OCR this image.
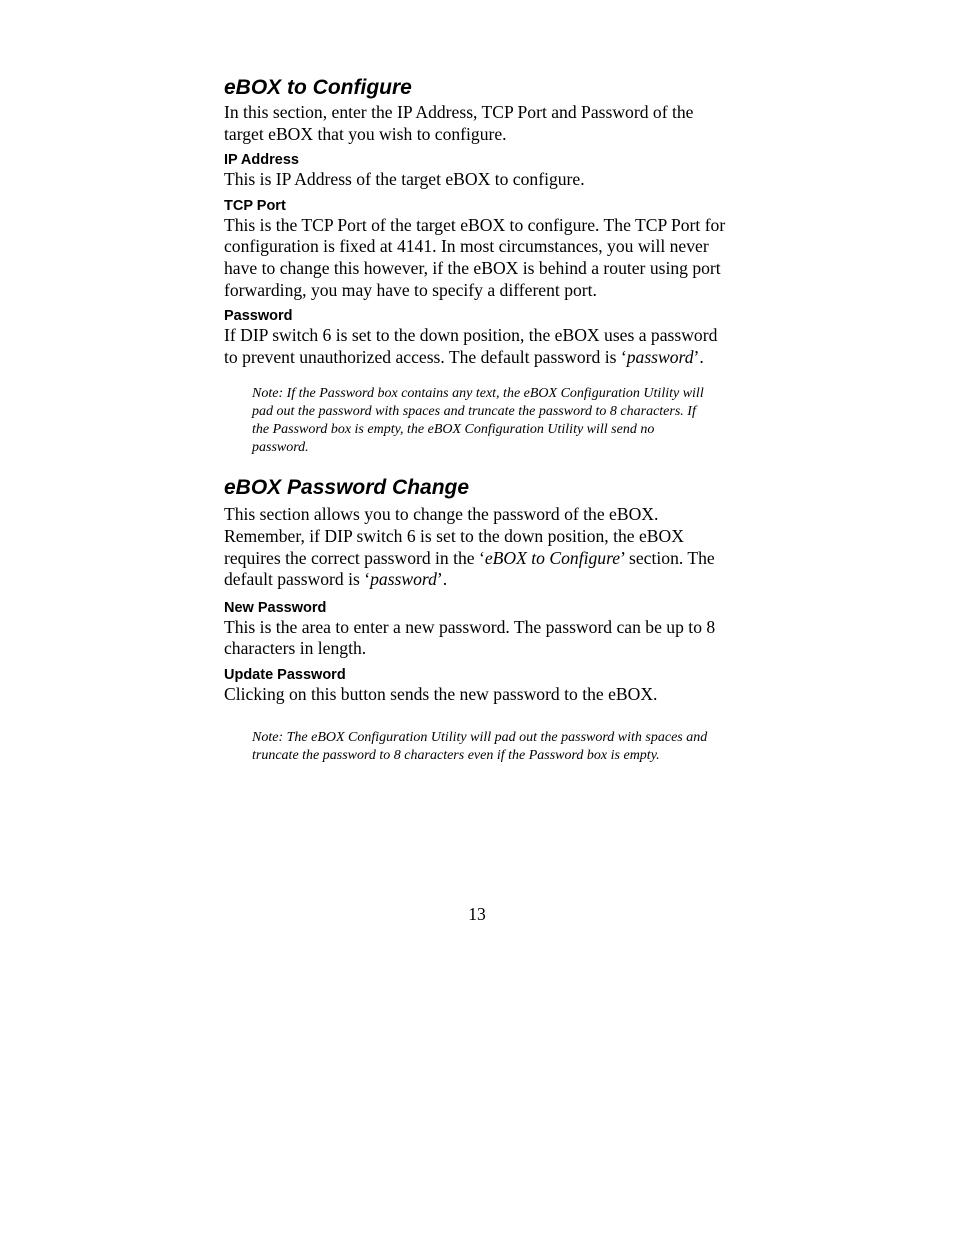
eBOX to Configure

In this section, enter the IP Address, TCP Port and Password of the target eBOX that you wish to configure.

IP Address

This is IP Address of the target eBOX to configure.

TCP Port

This is the TCP Port of the target eBOX to configure. The TCP Port for configuration is fixed at 4141. In most circumstances, you will never have to change this however, if the eBOX is behind a router using port forwarding, you may have to specify a different port.

Password

If DIP switch 6 is set to the down position, the eBOX uses a password to prevent unauthorized access. The default password is ‘password’.

Note: If the Password box contains any text, the eBOX Configuration Utility will pad out the password with spaces and truncate the password to 8 characters. If the Password box is empty, the eBOX Configuration Utility will send no password.

eBOX Password Change

This section allows you to change the password of the eBOX. Remember, if DIP switch 6 is set to the down position, the eBOX requires the correct password in the ‘eBOX to Configure’ section. The default password is ‘password’.

New Password

This is the area to enter a new password. The password can be up to 8 characters in length.

Update Password

Clicking on this button sends the new password to the eBOX.

Note: The eBOX Configuration Utility will pad out the password with spaces and truncate the password to 8 characters even if the Password box is empty.

13
